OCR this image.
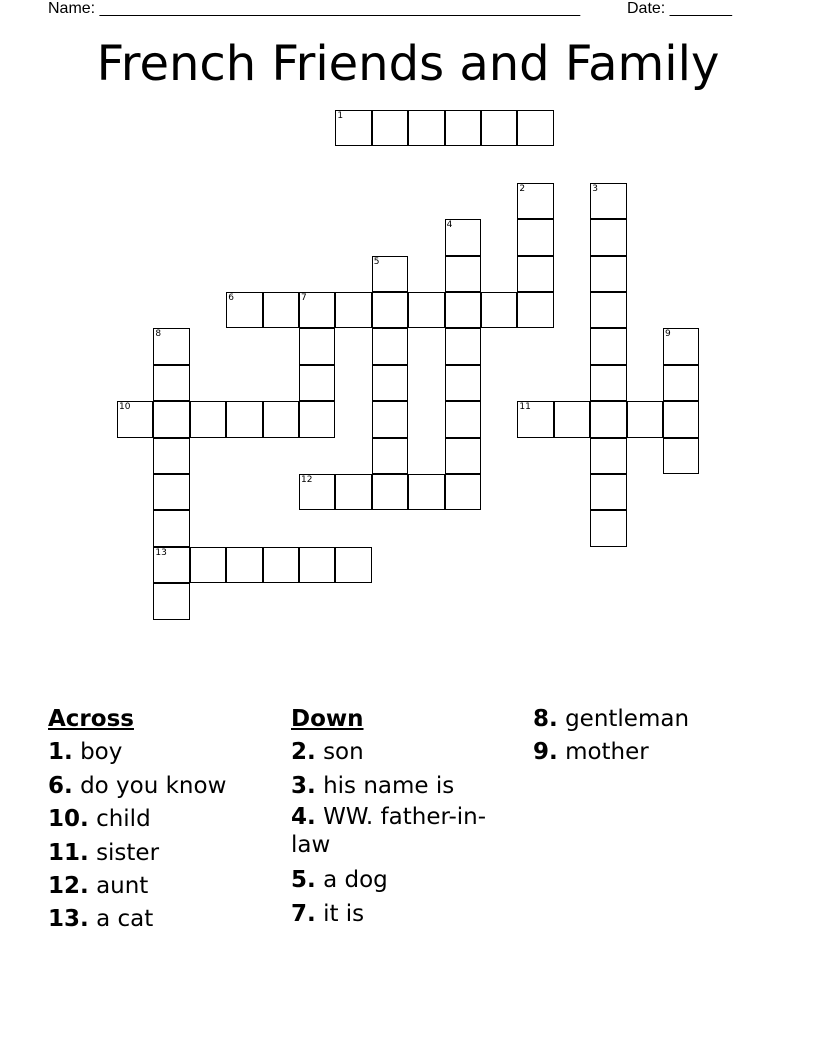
Name: ______________________________________________________	Date: _______
French Friends and Family
1
2	3
4
5
6	7
8
13
9
10	11
12
Across
1. boy
6. do you know
10. child
11. sister
12. aunt
13. a cat
Down
2. son
3. his name is
4. WW. father-in-law
5. a dog
7. it is
8. gentleman
9. mother
